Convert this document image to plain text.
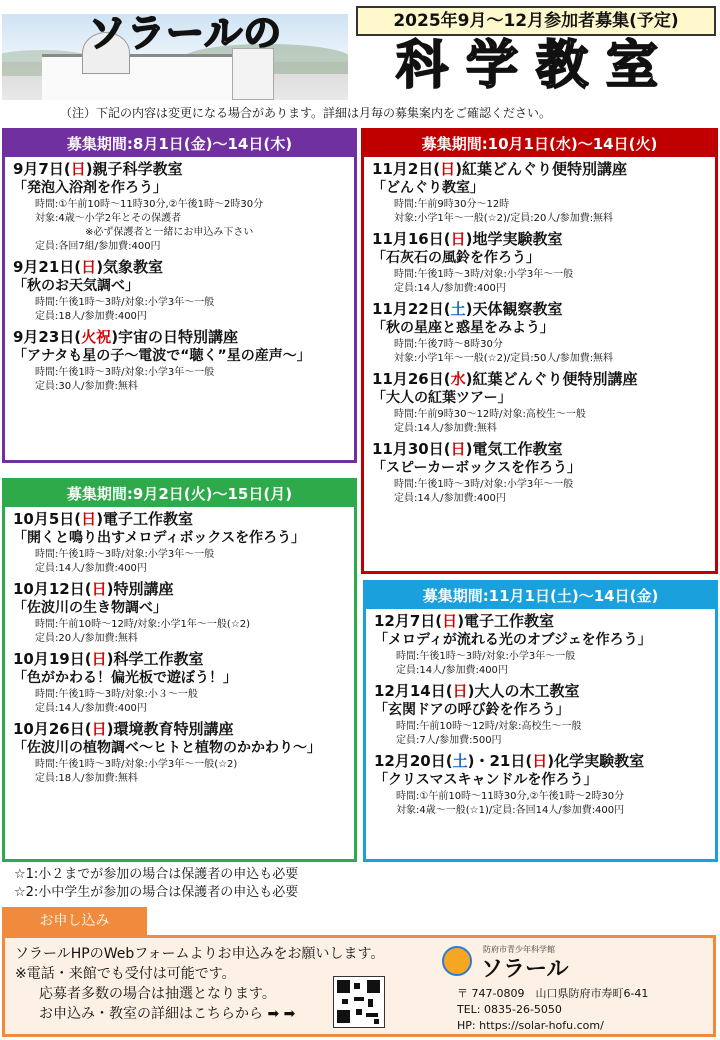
ソラールの	2025年9月～12月参加者募集(予定)
科学教室
（注）下記の内容は変更になる場合があります。詳細は月毎の募集案内をご確認ください。
募集期間:8月1日(金)～14日(木)
9月7日(日)親子科学教室
「発泡入浴剤を作ろう」
時間:①午前10時～11時30分,②午後1時～2時30分
対象:4歳～小学2年とその保護者
※必ず保護者と一緒にお申込み下さい
定員:各回7組/参加費:400円
9月21日(日)気象教室
「秋のお天気調べ」
時間:午後1時～3時/対象:小学3年～一般
定員:18人/参加費:400円
9月23日(火祝)宇宙の日特別講座
「アナタも星の子～電波で“聴く”星の産声～」
時間:午後1時～3時/対象:小学3年～一般
定員:30人/参加費:無料
募集期間:10月1日(水)～14日(火)
11月2日(日)紅葉どんぐり便特別講座
「どんぐり教室」
時間:午前9時30分～12時
対象:小学1年～一般(☆2)/定員:20人/参加費:無料
11月16日(日)地学実験教室
「石灰石の風鈴を作ろう」
時間:午後1時～3時/対象:小学3年～一般
定員:14人/参加費:400円
11月22日(土)天体観察教室
「秋の星座と惑星をみよう」
時間:午後7時～8時30分
対象:小学1年～一般(☆2)/定員:50人/参加費:無料
11月26日(水)紅葉どんぐり便特別講座
「大人の紅葉ツアー」
時間:午前9時30～12時/対象:高校生～一般
定員:14人/参加費:無料
11月30日(日)電気工作教室
「スピーカーボックスを作ろう」
時間:午後1時～3時/対象:小学3年～一般
定員:14人/参加費:400円
募集期間:9月2日(火)～15日(月)
10月5日(日)電子工作教室
「開くと鳴り出すメロディボックスを作ろう」
時間:午後1時～3時/対象:小学3年～一般
定員:14人/参加費:400円
10月12日(日)特別講座
「佐波川の生き物調べ」
時間:午前10時～12時/対象:小学1年～一般(☆2)
定員:20人/参加費:無料
10月19日(日)科学工作教室
「色がかわる！偏光板で遊ぼう！」
時間:午後1時～3時/対象:小３～一般
定員:14人/参加費:400円
10月26日(日)環境教育特別講座
「佐波川の植物調べ～ヒトと植物のかかわり～」
時間:午後1時～3時/対象:小学3年～一般(☆2)
定員:18人/参加費:無料
募集期間:11月1日(土)～14日(金)
12月7日(日)電子工作教室
「メロディが流れる光のオブジェを作ろう」
時間:午後1時～3時/対象:小学3年～一般
定員:14人/参加費:400円
12月14日(日)大人の木工教室
「玄関ドアの呼び鈴を作ろう」
時間:午前10時～12時/対象:高校生～一般
定員:7人/参加費:500円
12月20日(土)・21日(日)化学実験教室
「クリスマスキャンドルを作ろう」
時間:①午前10時～11時30分,②午後1時～2時30分
対象:4歳～一般(☆1)/定員:各回14人/参加費:400円
☆1:小２までが参加の場合は保護者の申込も必要
☆2:小中学生が参加の場合は保護者の申込も必要
お申し込み
ソラールHPのWebフォームよりお申込みをお願いします。
※電話・来館でも受付は可能です。
応募者多数の場合は抽選となります。
お申込み・教室の詳細はこちらから ➡ ➡
防府市青少年科学館
ソラール
〒 747-0809　山口県防府市寿町6-41
TEL: 0835-26-5050
HP: https://solar-hofu.com/
